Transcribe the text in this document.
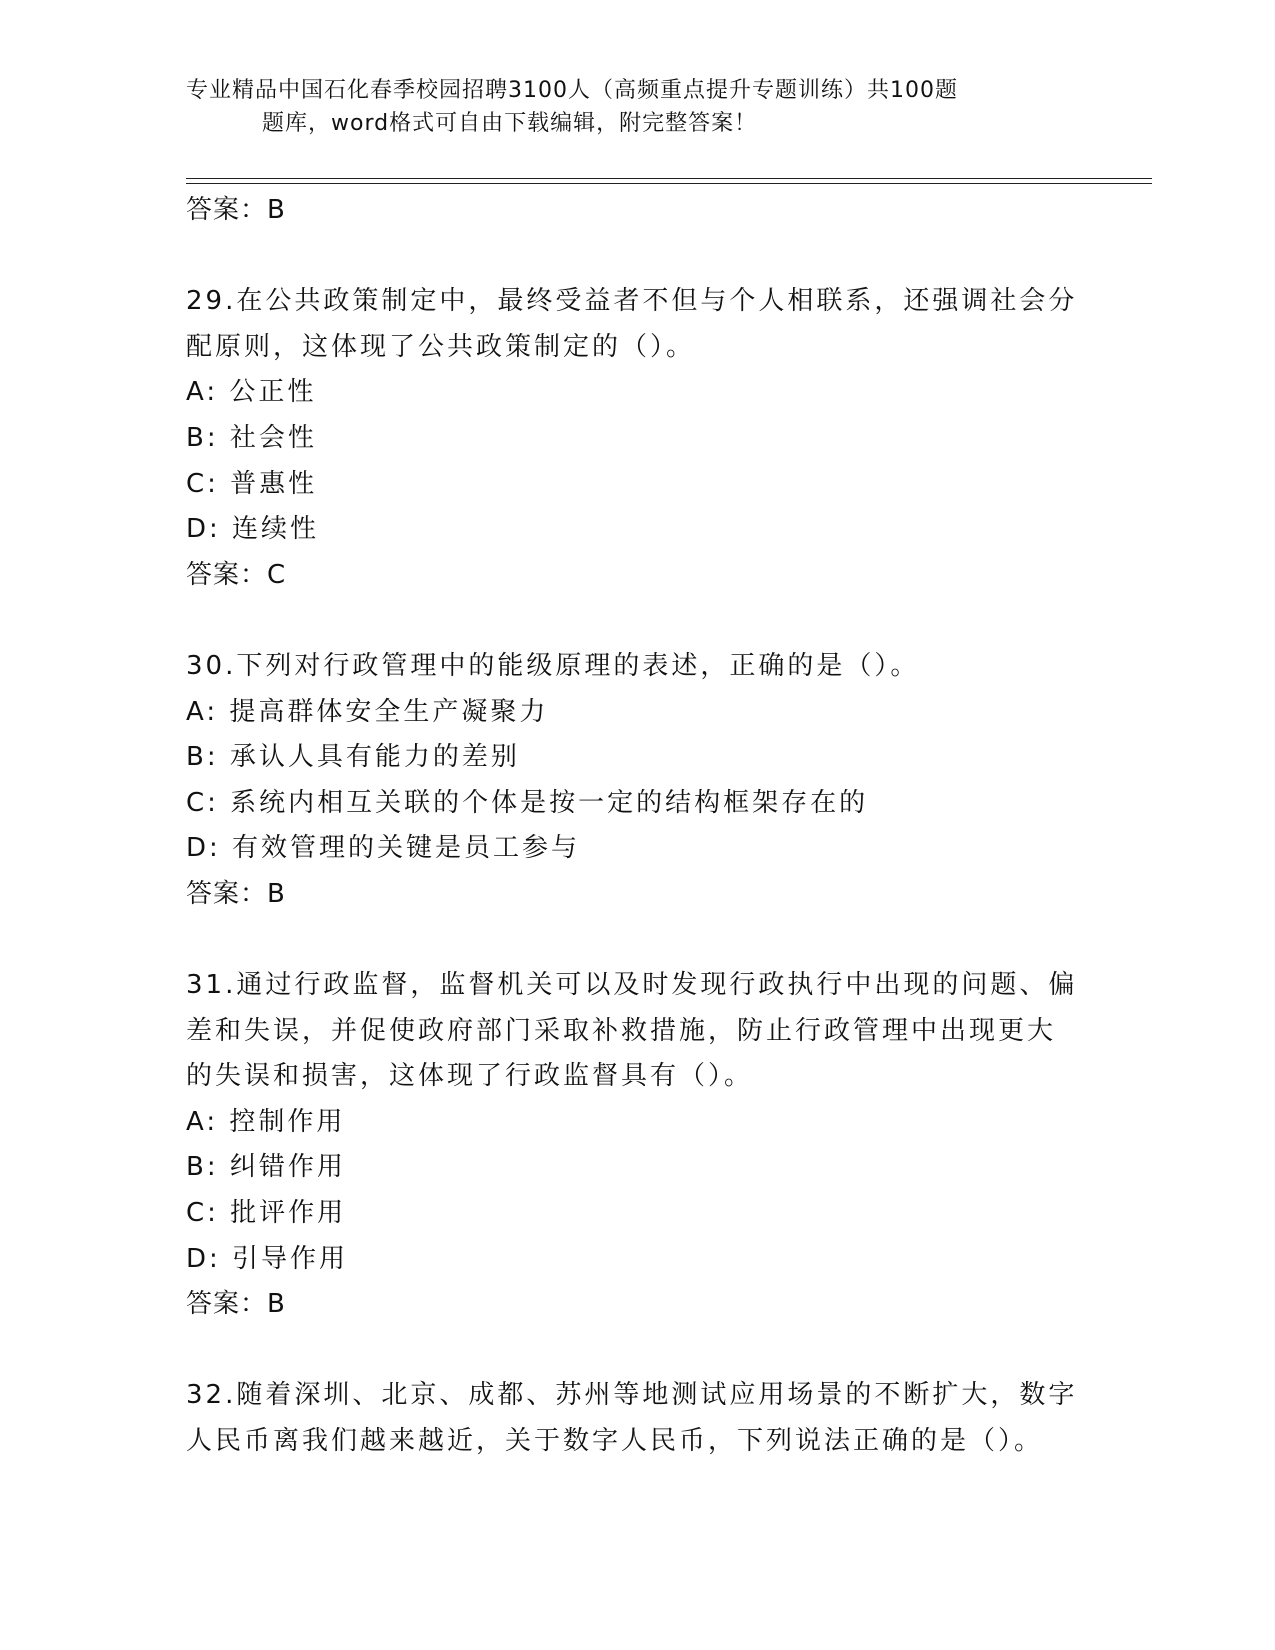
专业精品中国石化春季校园招聘3100人（高频重点提升专题训练）共100题
题库，word格式可自由下载编辑，附完整答案！
答案：B
29.在公共政策制定中，最终受益者不但与个人相联系，还强调社会分
配原则，这体现了公共政策制定的（）。
A: 公正性
B: 社会性
C: 普惠性
D: 连续性
答案：C
30.下列对行政管理中的能级原理的表述，正确的是（）。
A: 提高群体安全生产凝聚力
B: 承认人具有能力的差别
C: 系统内相互关联的个体是按一定的结构框架存在的
D: 有效管理的关键是员工参与
答案：B
31.通过行政监督，监督机关可以及时发现行政执行中出现的问题、偏
差和失误，并促使政府部门采取补救措施，防止行政管理中出现更大
的失误和损害，这体现了行政监督具有（）。
A: 控制作用
B: 纠错作用
C: 批评作用
D: 引导作用
答案：B
32.随着深圳、北京、成都、苏州等地测试应用场景的不断扩大，数字
人民币离我们越来越近，关于数字人民币，下列说法正确的是（）。
